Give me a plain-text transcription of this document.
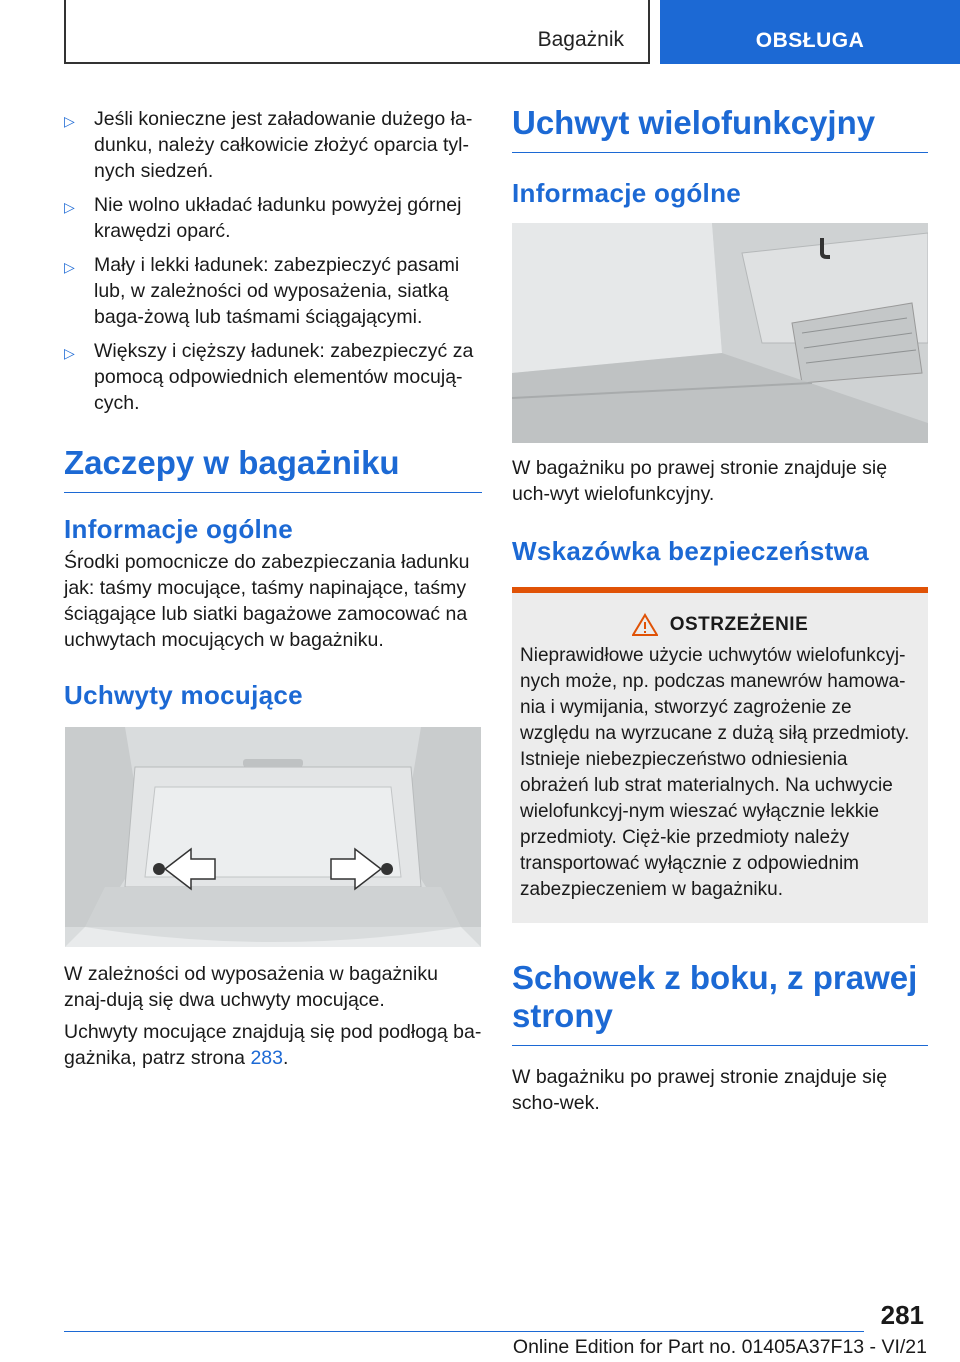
Bagażnik	OBSŁUGA
▷ Jeśli konieczne jest załadowanie dużego ła-dunku, należy całkowicie złożyć oparcia tyl-nych siedzeń.
▷ Nie wolno układać ładunku powyżej górnej krawędzi oparć.
▷ Mały i lekki ładunek: zabezpieczyć pasami lub, w zależności od wyposażenia, siatką baga-żową lub taśmami ściągającymi.
▷ Większy i cięższy ładunek: zabezpieczyć za pomocą odpowiednich elementów mocują-cych.
Zaczepy w bagażniku
Informacje ogólne

Środki pomocnicze do zabezpieczania ładunku jak: taśmy mocujące, taśmy napinające, taśmy ściągające lub siatki bagażowe zamocować na uchwytach mocujących w bagażniku.

Uchwyty mocujące

W zależności od wyposażenia w bagażniku znaj-dują się dwa uchwyty mocujące.

Uchwyty mocujące znajdują się pod podłogą ba-gażnika, patrz strona 283.

Uchwyt wielofunkcyjny
Informacje ogólne

W bagażniku po prawej stronie znajduje się uch-wyt wielofunkcyjny.

Wskazówka bezpieczeństwa
OSTRZEŻENIE

Nieprawidłowe użycie uchwytów wielofunkcyj-nych może, np. podczas manewrów hamowa-nia i wymijania, stworzyć zagrożenie ze względu na wyrzucane z dużą siłą przedmioty. Istnieje niebezpieczeństwo odniesienia obrażeń lub strat materialnych. Na uchwycie wielofunkcyj-nym wieszać wyłącznie lekkie przedmioty. Cięż-kie przedmioty należy transportować wyłącznie z odpowiednim zabezpieczeniem w bagażniku.

Schowek z boku, z prawej strony

W bagażniku po prawej stronie znajduje się scho-wek.

281
Online Edition for Part no. 01405A37F13 - VI/21
